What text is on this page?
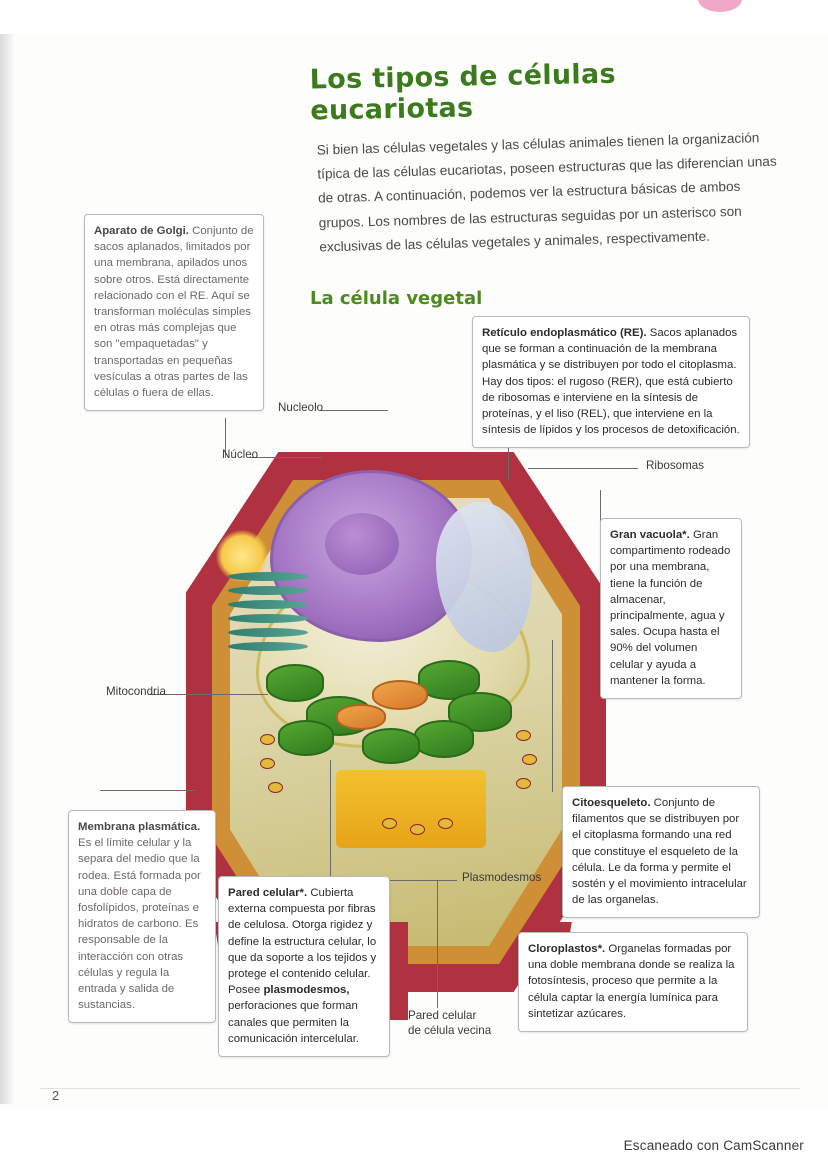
Los tipos de células eucariotas

Si bien las células vegetales y las células animales tienen la organización típica de las células eucariotas, poseen estructuras que las diferencian unas de otras. A continuación, podemos ver la estructura básicas de ambos grupos. Los nombres de las estructuras seguidas por un asterisco son exclusivas de las células vegetales y animales, respectivamente.

La célula vegetal
Nucleolo
Núcleo
Ribosomas
Mitocondria
Plasmodesmos
Pared celular
de célula vecina
Aparato de Golgi. Conjunto de sacos aplanados, limitados por una membrana, apilados unos sobre otros. Está directamente relacionado con el RE. Aquí se transforman moléculas simples en otras más complejas que son "empaquetadas" y transportadas en pequeñas vesículas a otras partes de las células o fuera de ellas.
Retículo endoplasmático (RE). Sacos aplanados que se forman a continuación de la membrana plasmática y se distribuyen por todo el citoplasma. Hay dos tipos: el rugoso (RER), que está cubierto de ribosomas e interviene en la síntesis de proteínas, y el liso (REL), que interviene en la síntesis de lípidos y los procesos de detoxificación.
Gran vacuola*. Gran compartimento rodeado por una membrana, tiene la función de almacenar, principalmente, agua y sales. Ocupa hasta el 90% del volumen celular y ayuda a mantener la forma.
Citoesqueleto. Conjunto de filamentos que se distribuyen por el citoplasma formando una red que constituye el esqueleto de la célula. Le da forma y permite el sostén y el movimiento intracelular de las organelas.
Cloroplastos*. Organelas formadas por una doble membrana donde se realiza la fotosíntesis, proceso que permite a la célula captar la energía lumínica para sintetizar azúcares.
Pared celular*. Cubierta externa compuesta por fibras de celulosa. Otorga rigidez y define la estructura celular, lo que da soporte a los tejidos y protege el contenido celular. Posee plasmodesmos, perforaciones que forman canales que permiten la comunicación intercelular.
Membrana plasmática. Es el límite celular y la separa del medio que la rodea. Está formada por una doble capa de fosfolípidos, proteínas e hidratos de carbono. Es responsable de la interacción con otras células y regula la entrada y salida de sustancias.
2
Escaneado con CamScanner
